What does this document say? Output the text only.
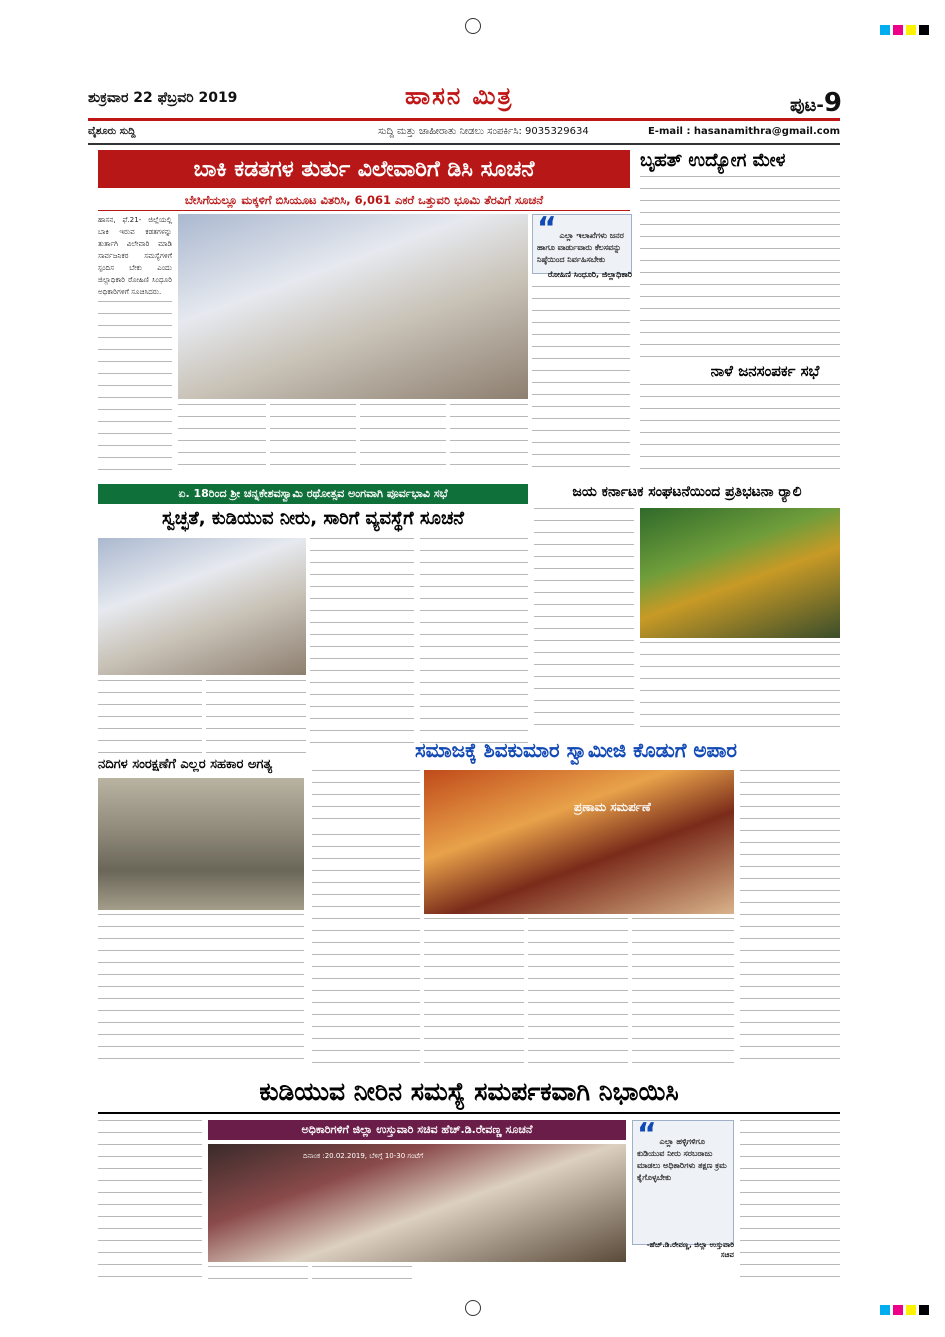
ಶುಕ್ರವಾರ 22 ಫೆಬ್ರವರಿ 2019	ಹಾಸನ ಮಿತ್ರ	ಪುಟ-9
ವೈಶೂರು ಸುದ್ದಿ	ಸುದ್ದಿ ಮತ್ತು ಜಾಹೀರಾತು ನೀಡಲು ಸಂಪರ್ಕಿಸಿ: 9035329634	E-mail : hasanamithra@gmail.com
ಬಾಕಿ ಕಡತಗಳ ತುರ್ತು ವಿಲೇವಾರಿಗೆ ಡಿಸಿ ಸೂಚನೆ
ಬೇಸಿಗೆಯಲ್ಲೂ ಮಕ್ಕಳಿಗೆ ಬಿಸಿಯೂಟ ವಿತರಿಸಿ, 6,061 ಎಕರೆ ಒತ್ತುವರಿ ಭೂಮಿ ತೆರವಿಗೆ ಸೂಚನೆ
ಹಾಸನ, ಫೆ.21- ಜಿಲ್ಲೆಯಲ್ಲಿ ಬಾಕಿ ಇರುವ ಕಡತಗಳನ್ನು ತುರ್ತಾಗಿ ವಿಲೇವಾರಿ ಮಾಡಿ ಸಾರ್ವಜನಿಕರ ಸಮಸ್ಯೆಗಳಿಗೆ ಸ್ಪಂದಿಸ ಬೇಕು ಎಂದು ಜಿಲ್ಲಾಧಿಕಾರಿ ರೋಹಿಣಿ ಸಿಂಧೂರಿ ಅಧಿಕಾರಿಗಳಿಗೆ ಸೂಚಿಸಿದರು.
“ ಎಲ್ಲಾ ಇಲಾಖೆಗಳು ಜನರ ಹಾಗೂ ವಾರ್ಡುವಾರು ಕೆಲಸವನ್ನು ನಿಷ್ಠೆಯಿಂದ ನಿರ್ವಹಿಸಬೇಕು
ರೋಹಿಣಿ ಸಿಂಧೂರಿ, ಜಿಲ್ಲಾಧಿಕಾರಿ
ಬೃಹತ್ ಉದ್ಯೋಗ ಮೇಳ
ನಾಳೆ ಜನಸಂಪರ್ಕ ಸಭೆ
ಏ. 18ರಿಂದ ಶ್ರೀ ಚನ್ನಕೇಶವಸ್ವಾಮಿ ರಥೋತ್ಸವ ಅಂಗವಾಗಿ ಪೂರ್ವಭಾವಿ ಸಭೆ
ಸ್ವಚ್ಛತೆ, ಕುಡಿಯುವ ನೀರು, ಸಾರಿಗೆ ವ್ಯವಸ್ಥೆಗೆ ಸೂಚನೆ
ಜಯ ಕರ್ನಾಟಕ ಸಂಘಟನೆಯಿಂದ ಪ್ರತಿಭಟನಾ ರ್‍ಯಾಲಿ
ನದಿಗಳ ಸಂರಕ್ಷಣೆಗೆ ಎಲ್ಲರ ಸಹಕಾರ ಅಗತ್ಯ
ಸಮಾಜಕ್ಕೆ ಶಿವಕುಮಾರ ಸ್ವಾಮೀಜಿ ಕೊಡುಗೆ ಅಪಾರ
ಪ್ರಣಾಮ ಸಮರ್ಪಣೆ
ಕುಡಿಯುವ ನೀರಿನ ಸಮಸ್ಯೆ ಸಮರ್ಪಕವಾಗಿ ನಿಭಾಯಿಸಿ
ಅಧಿಕಾರಿಗಳಿಗೆ ಜಿಲ್ಲಾ ಉಸ್ತುವಾರಿ ಸಚಿವ ಹೆಚ್.ಡಿ.ರೇವಣ್ಣ ಸೂಚನೆ
ದಿನಾಂಕ :20.02.2019, ಬೆಳಿಗ್ಗೆ 10-30 ಗಂಟೆಗೆ
“ ಎಲ್ಲಾ ಹಳ್ಳಿಗಳಿಗೂ ಕುಡಿಯುವ ನೀರು ಸರಬರಾಜು ಮಾಡಲು ಅಧಿಕಾರಿಗಳು ತಕ್ಷಣ ಕ್ರಮ ಕೈಗೊಳ್ಳಬೇಕು
-ಹೆಚ್.ಡಿ.ರೇವಣ್ಣ, ಜಿಲ್ಲಾ ಉಸ್ತುವಾರಿ ಸಚಿವ
